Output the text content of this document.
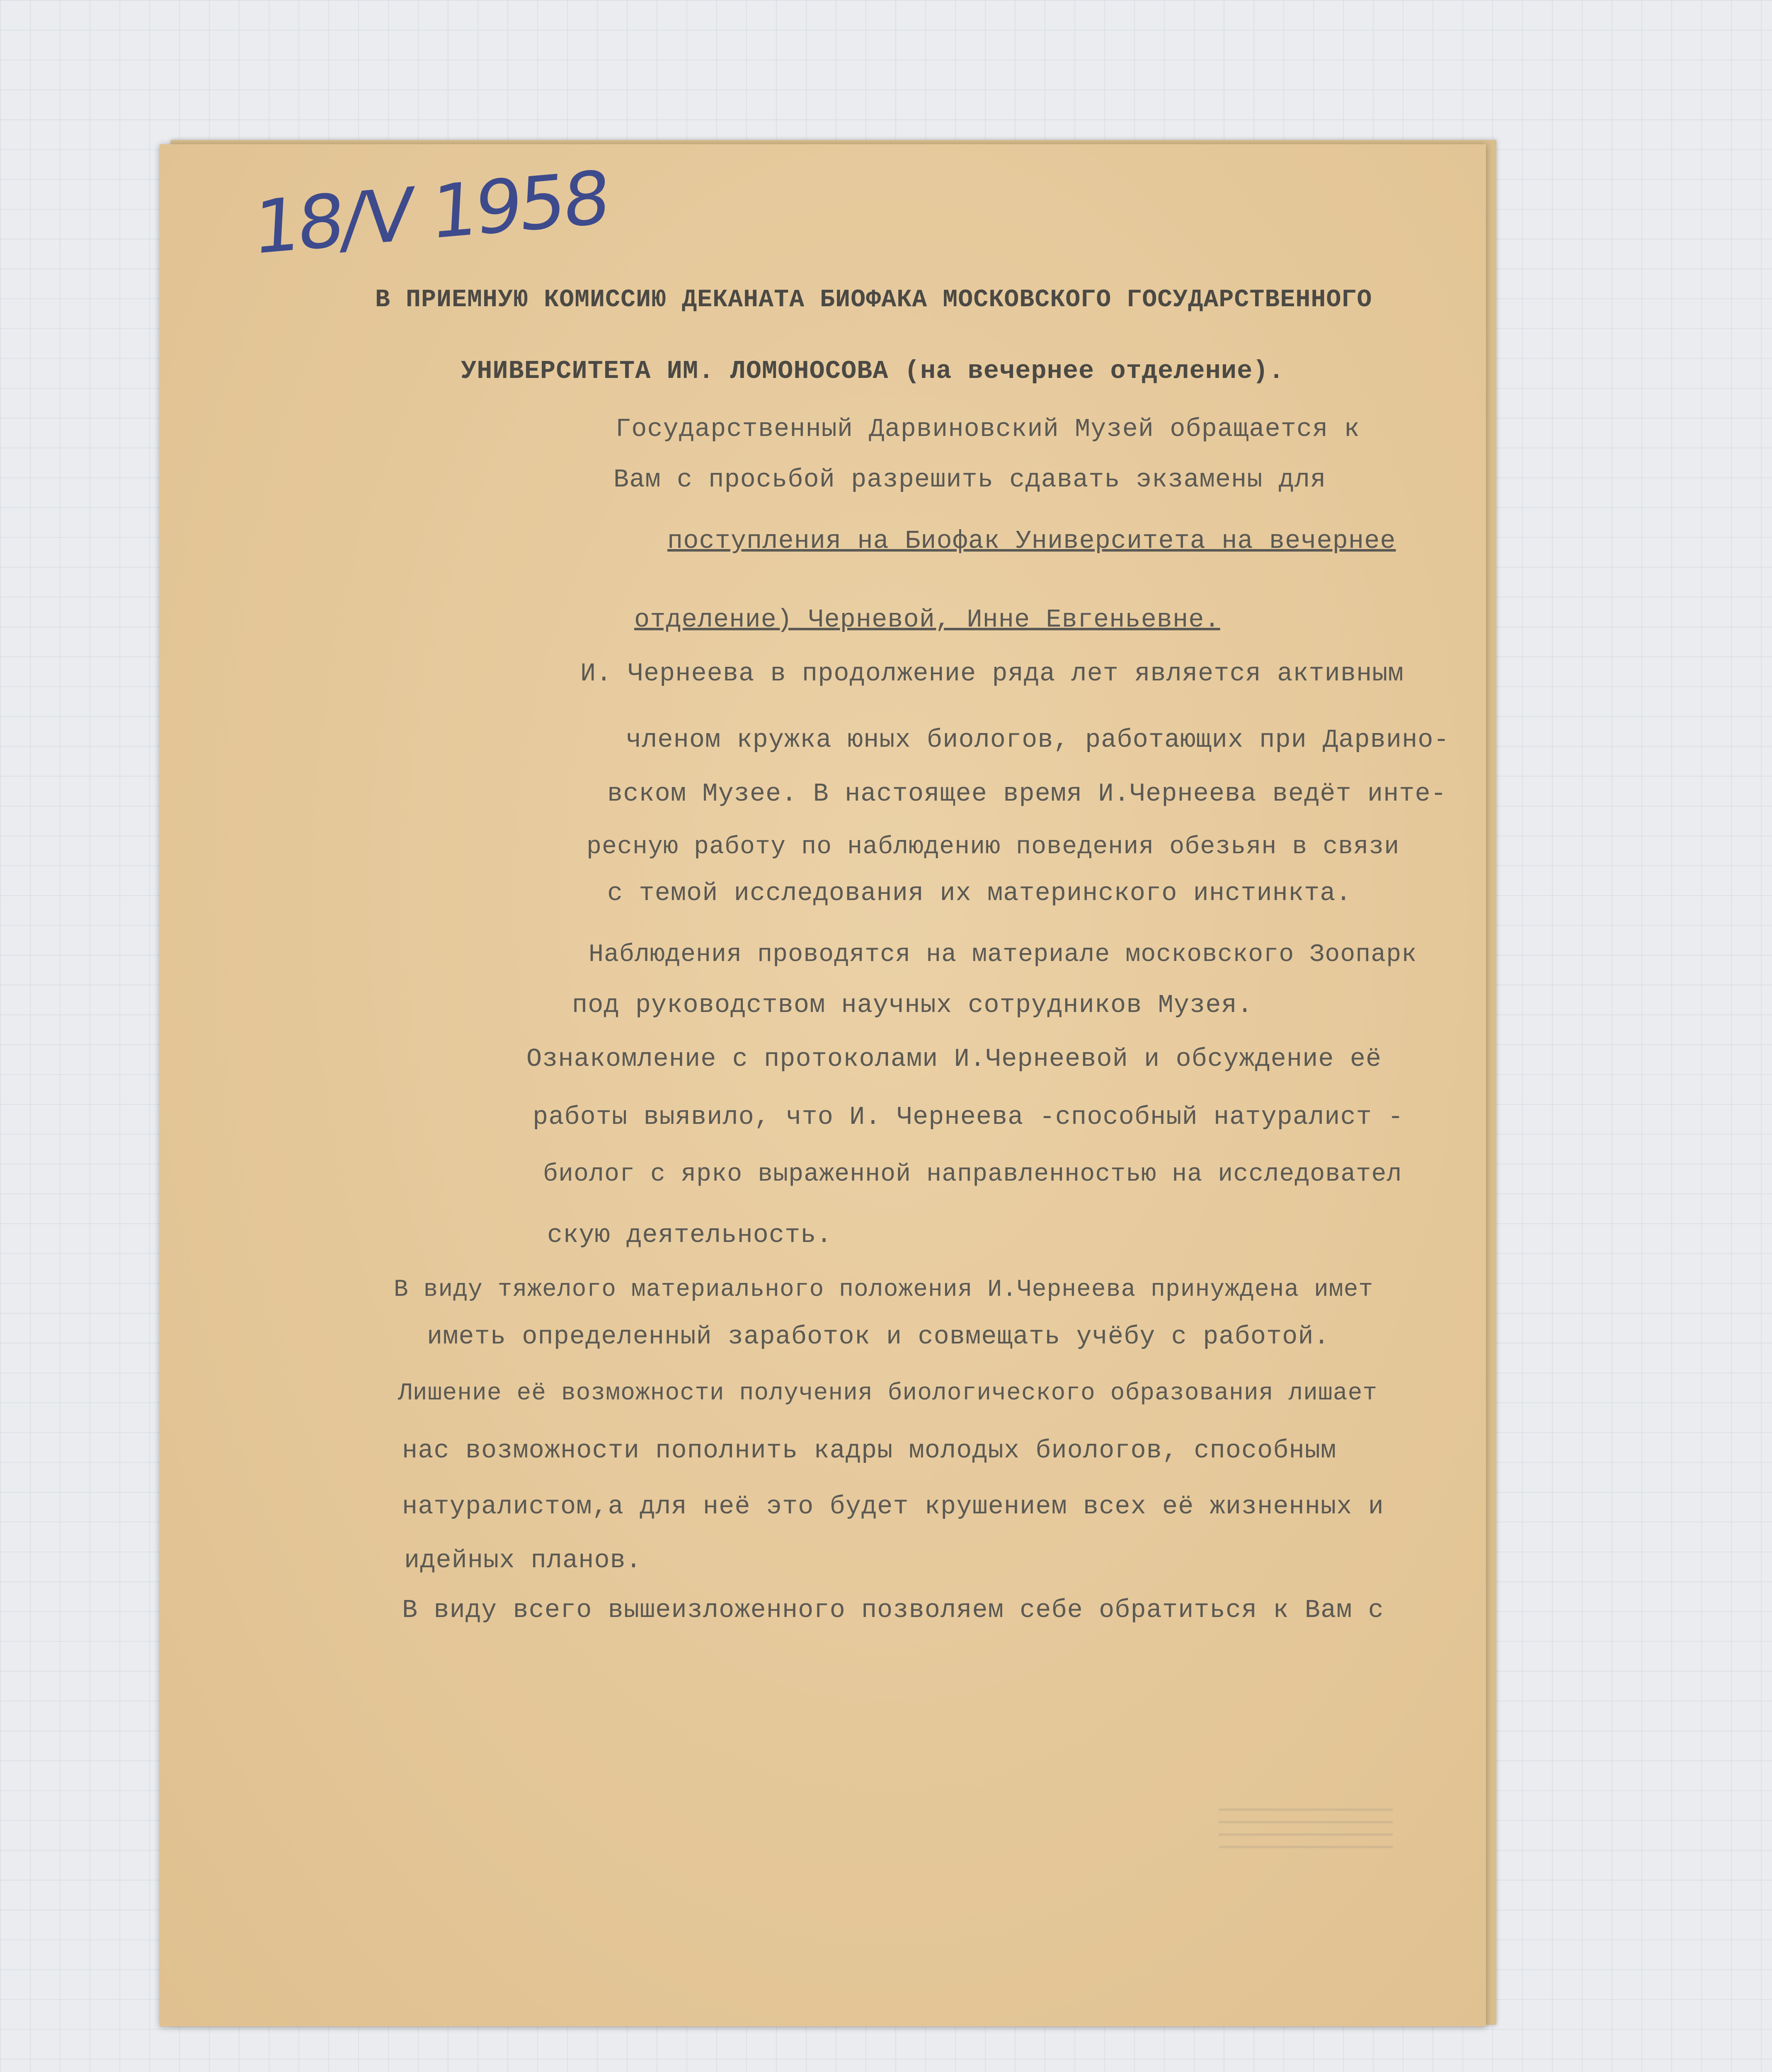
18/V 1958

В ПРИЕМНУЮ КОМИССИЮ ДЕКАНАТА БИОФАКА МОСКОВСКОГО ГОСУДАРСТВЕННОГО

УНИВЕРСИТЕТА ИМ. ЛОМОНОСОВА (на вечернее отделение).

Государственный Дарвиновский Музей обращается к

Вам с просьбой разрешить сдавать экзамены для

поступления на Биофак Университета на вечернее

отделение) Черневой, Инне Евгеньевне.

И. Чернеева в продолжение ряда лет является активным

членом кружка юных биологов, работающих при Дарвино-

вском Музее. В настоящее время И.Чернеева ведёт инте-

ресную работу по наблюдению поведения обезьян в связи

с темой исследования их материнского инстинкта.

Наблюдения проводятся на материале московского Зоопарк

под руководством научных сотрудников Музея.

Ознакомление с протоколами И.Чернеевой и обсуждение её

работы выявило, что И. Чернеева -способный натуралист -

биолог с ярко выраженной направленностью на исследовател

скую деятельность.

В виду тяжелого материального положения И.Чернеева принуждена имет

иметь определенный заработок и совмещать учёбу с работой.

Лишение её возможности получения биологического образования лишает

нас возможности пополнить кадры молодых биологов, способным

натуралистом,а для неё это будет крушением всех её жизненных и

идейных планов.

В виду всего вышеизложенного позволяем себе обратиться к Вам с
